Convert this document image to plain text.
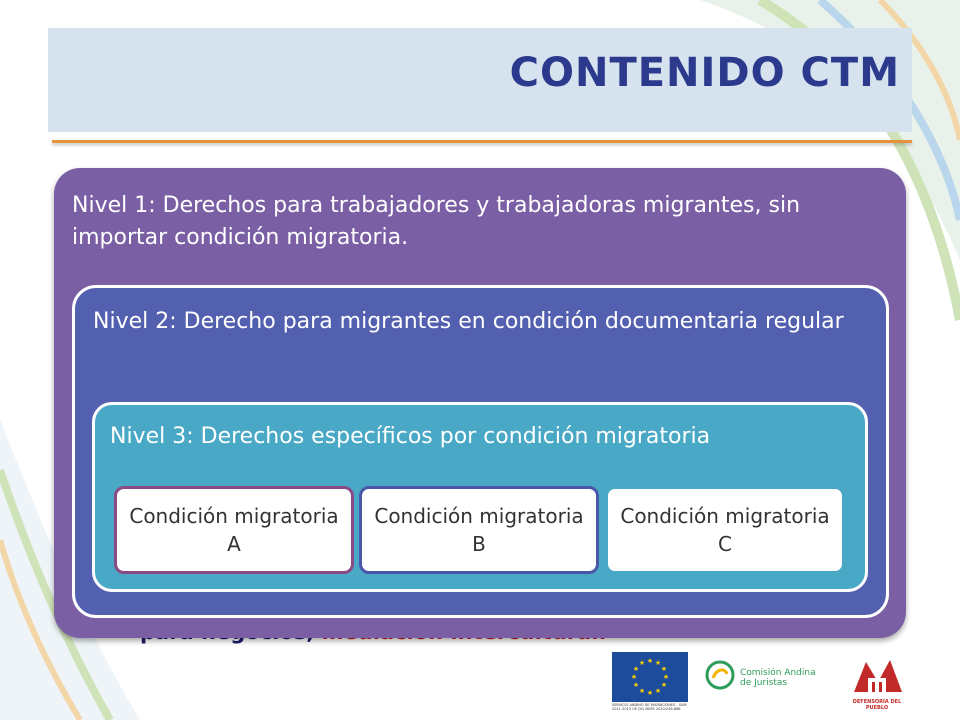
CONTENIDO CTM
Nivel 1: Derechos para trabajadores y trabajadoras migrantes, sin importar condición migratoria.
Nivel 2: Derecho para migrantes en condición documentaria regular
Nivel 3: Derechos específicos por condición migratoria
Condición migratoria A
Condición migratoria B
Condición migratoria C
★ ★
★
★
★
★
★
★
★
★
★
★
SERVICIO ANDINO DE MIGRACIONES - SAM 2011-2013 UE DCI-MIGR 2010/246-888
Comisión Andina
de Juristas
DEFENSORÍA DEL PUEBLO
